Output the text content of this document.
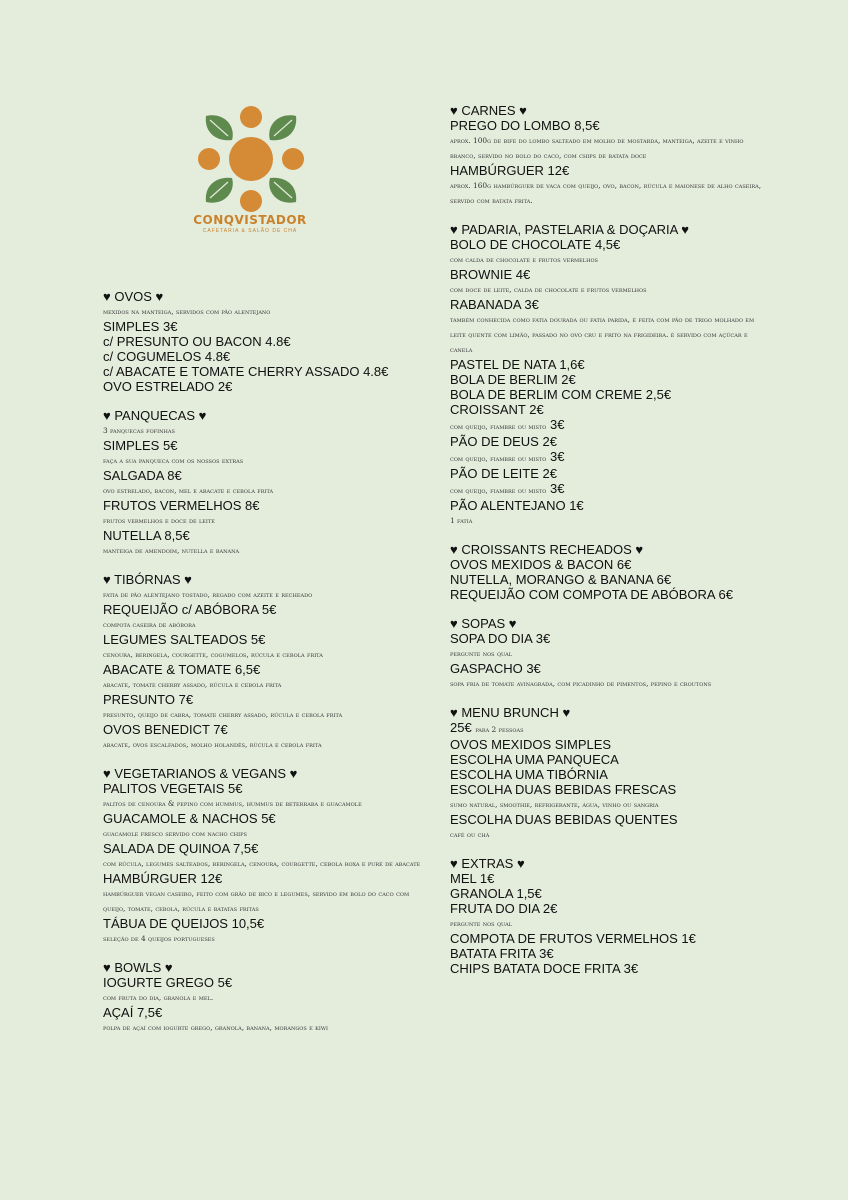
CONQVISTADOR
CAFETARIA & SALÃO DE CHÁ
♥ OVOS ♥
mexidos na manteiga, servidos com pão alentejano
SIMPLES 3€
c/ PRESUNTO OU BACON 4.8€
c/ COGUMELOS 4.8€
c/ ABACATE E TOMATE CHERRY ASSADO 4.8€
OVO ESTRELADO 2€
♥ PANQUECAS ♥
3 panquecas fofinhas
SIMPLES 5€
faça a sua panqueca com os nossos extras
SALGADA 8€
ovo estrelado, bacon, mel e abacate e cebola frita
FRUTOS VERMELHOS 8€
frutos vermelhos e doce de leite
NUTELLA 8,5€
manteiga de amendoim, nutella e banana
♥ TIBÓRNAS ♥
fatia de pão alentejano tostado, regado com azeite e recheado
REQUEIJÃO c/ ABÓBORA 5€
compota caseira de abóbora
LEGUMES SALTEADOS 5€
cenoura, beringela, courgette, cogumelos, rúcula e cebola frita
ABACATE & TOMATE 6,5€
abacate, tomate cherry assado, rúcula e cebola frita
PRESUNTO 7€
presunto, queijo de cabra, tomate cherry assado, rúcula e cebola frita
OVOS BENEDICT 7€
abacate, ovos escalfados, molho holandês, rúcula e cebola frita
♥ VEGETARIANOS & VEGANS ♥
PALITOS VEGETAIS 5€
palitos de cenoura & pepino com hummus, hummus de beterraba e guacamole
GUACAMOLE & NACHOS 5€
guacamole fresco servido com nacho chips
SALADA DE QUINOA 7,5€
com rúcula, legumes salteados, beringela, cenoura, courgette, cebola roxa e puré de abacate
HAMBÚRGUER 12€
hambúrguer vegan caseiro, feito com grão de bico e legumes, servido em bolo do caco com queijo, tomate, cebola, rúcula e batatas fritas
TÁBUA DE QUEIJOS 10,5€
seleção de 4 queijos portugueses
♥ BOWLS ♥
IOGURTE GREGO 5€
com fruta do dia, granola e mel.
AÇAÍ 7,5€
polpa de açaí com iogurte grego, granola, banana, morangos e kiwi
♥ CARNES ♥
PREGO DO LOMBO 8,5€
aprox. 100g de bife do lombo salteado em molho de mostarda, manteiga, azeite e vinho branco, servido no bolo do caco, com chips de batata doce
HAMBÚRGUER 12€
aprox. 160g hambúrguer de vaca com queijo, ovo, bacon, rúcula e maionese de alho caseira, servido com batata frita.
♥ PADARIA, PASTELARIA & DOÇARIA ♥
BOLO DE CHOCOLATE 4,5€
com calda de chocolate e frutos vermelhos
BROWNIE 4€
com doce de leite, calda de chocolate e frutos vermelhos
RABANADA 3€
também conhecida como fatia dourada ou fatia parida, é feita com pão de trigo molhado em leite quente com limão, passado no ovo cru e frito na frigideira. é servido com açúcar e canela
PASTEL DE NATA 1,6€
BOLA DE BERLIM 2€
BOLA DE BERLIM COM CREME 2,5€
CROISSANT 2€
com queijo, fiambre ou misto 3€
PÃO DE DEUS 2€
com queijo, fiambre ou misto 3€
PÃO DE LEITE 2€
com queijo, fiambre ou misto 3€
PÃO ALENTEJANO 1€
1 fatia
♥ CROISSANTS RECHEADOS ♥
OVOS MEXIDOS & BACON 6€
NUTELLA, MORANGO & BANANA 6€
REQUEIJÃO COM COMPOTA DE ABÓBORA 6€
♥ SOPAS ♥
SOPA DO DIA 3€
pergunte nos qual
GASPACHO 3€
sopa fria de tomate avinagrada, com picadinho de pimentos, pepino e croutons
♥ MENU BRUNCH ♥
25€ para 2 pessoas
OVOS MEXIDOS SIMPLES
ESCOLHA UMA PANQUECA
ESCOLHA UMA TIBÓRNIA
ESCOLHA DUAS BEBIDAS FRESCAS
sumo natural, smoothie, refrigerante, água, vinho ou sangria
ESCOLHA DUAS BEBIDAS QUENTES
café ou chá
♥ EXTRAS ♥
MEL 1€
GRANOLA 1,5€
FRUTA DO DIA 2€
pergunte nos qual
COMPOTA DE FRUTOS VERMELHOS 1€
BATATA FRITA 3€
CHIPS BATATA DOCE FRITA 3€
